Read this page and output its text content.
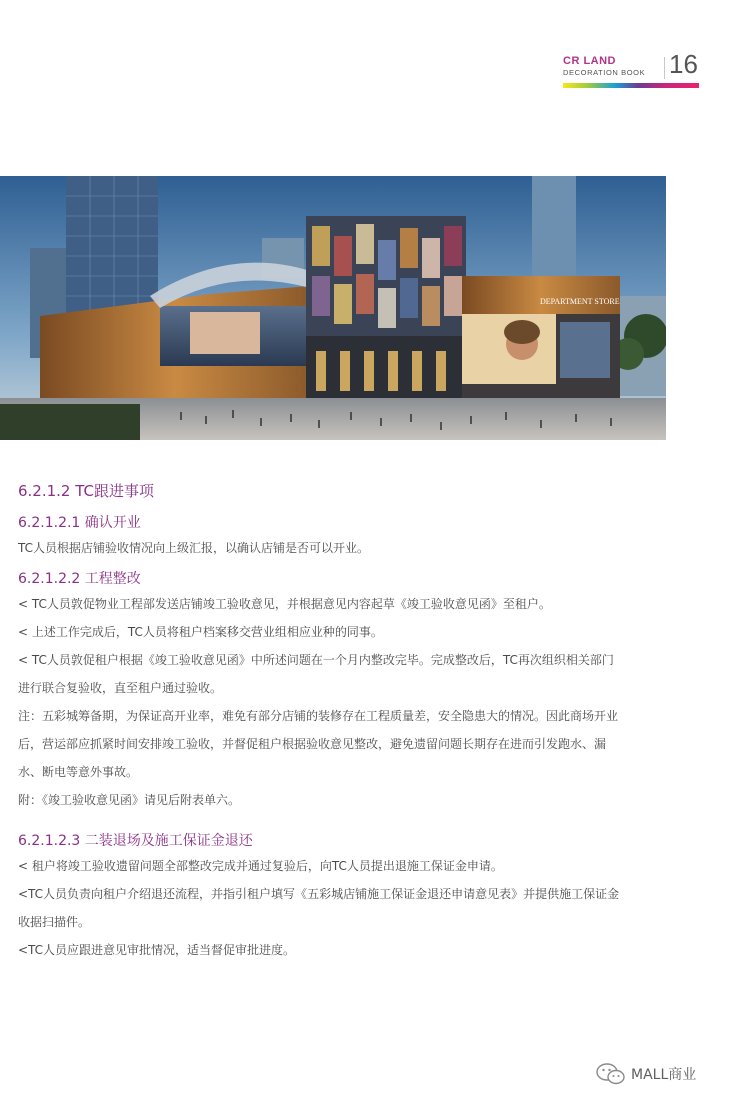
CR LAND
DECORATION BOOK 16
DEPARTMENT STORE
6.2.1.2 TC跟进事项
6.2.1.2.1 确认开业

TC人员根据店铺验收情况向上级汇报，以确认店铺是否可以开业。

6.2.1.2.2 工程整改

< TC人员敦促物业工程部发送店铺竣工验收意见，并根据意见内容起草《竣工验收意见函》至租户。

< 上述工作完成后，TC人员将租户档案移交营业组相应业种的同事。

< TC人员敦促租户根据《竣工验收意见函》中所述问题在一个月内整改完毕。完成整改后，TC再次组织相关部门

进行联合复验收，直至租户通过验收。

注：五彩城筹备期，为保证高开业率，难免有部分店铺的装修存在工程质量差，安全隐患大的情况。因此商场开业

后，营运部应抓紧时间安排竣工验收，并督促租户根据验收意见整改，避免遗留问题长期存在进而引发跑水、漏

水、断电等意外事故。

附：《竣工验收意见函》请见后附表单六。

6.2.1.2.3 二装退场及施工保证金退还

< 租户将竣工验收遗留问题全部整改完成并通过复验后，向TC人员提出退施工保证金申请。

<TC人员负责向租户介绍退还流程，并指引租户填写《五彩城店铺施工保证金退还申请意见表》并提供施工保证金

收据扫描件。

<TC人员应跟进意见审批情况，适当督促审批进度。

MALL商业
